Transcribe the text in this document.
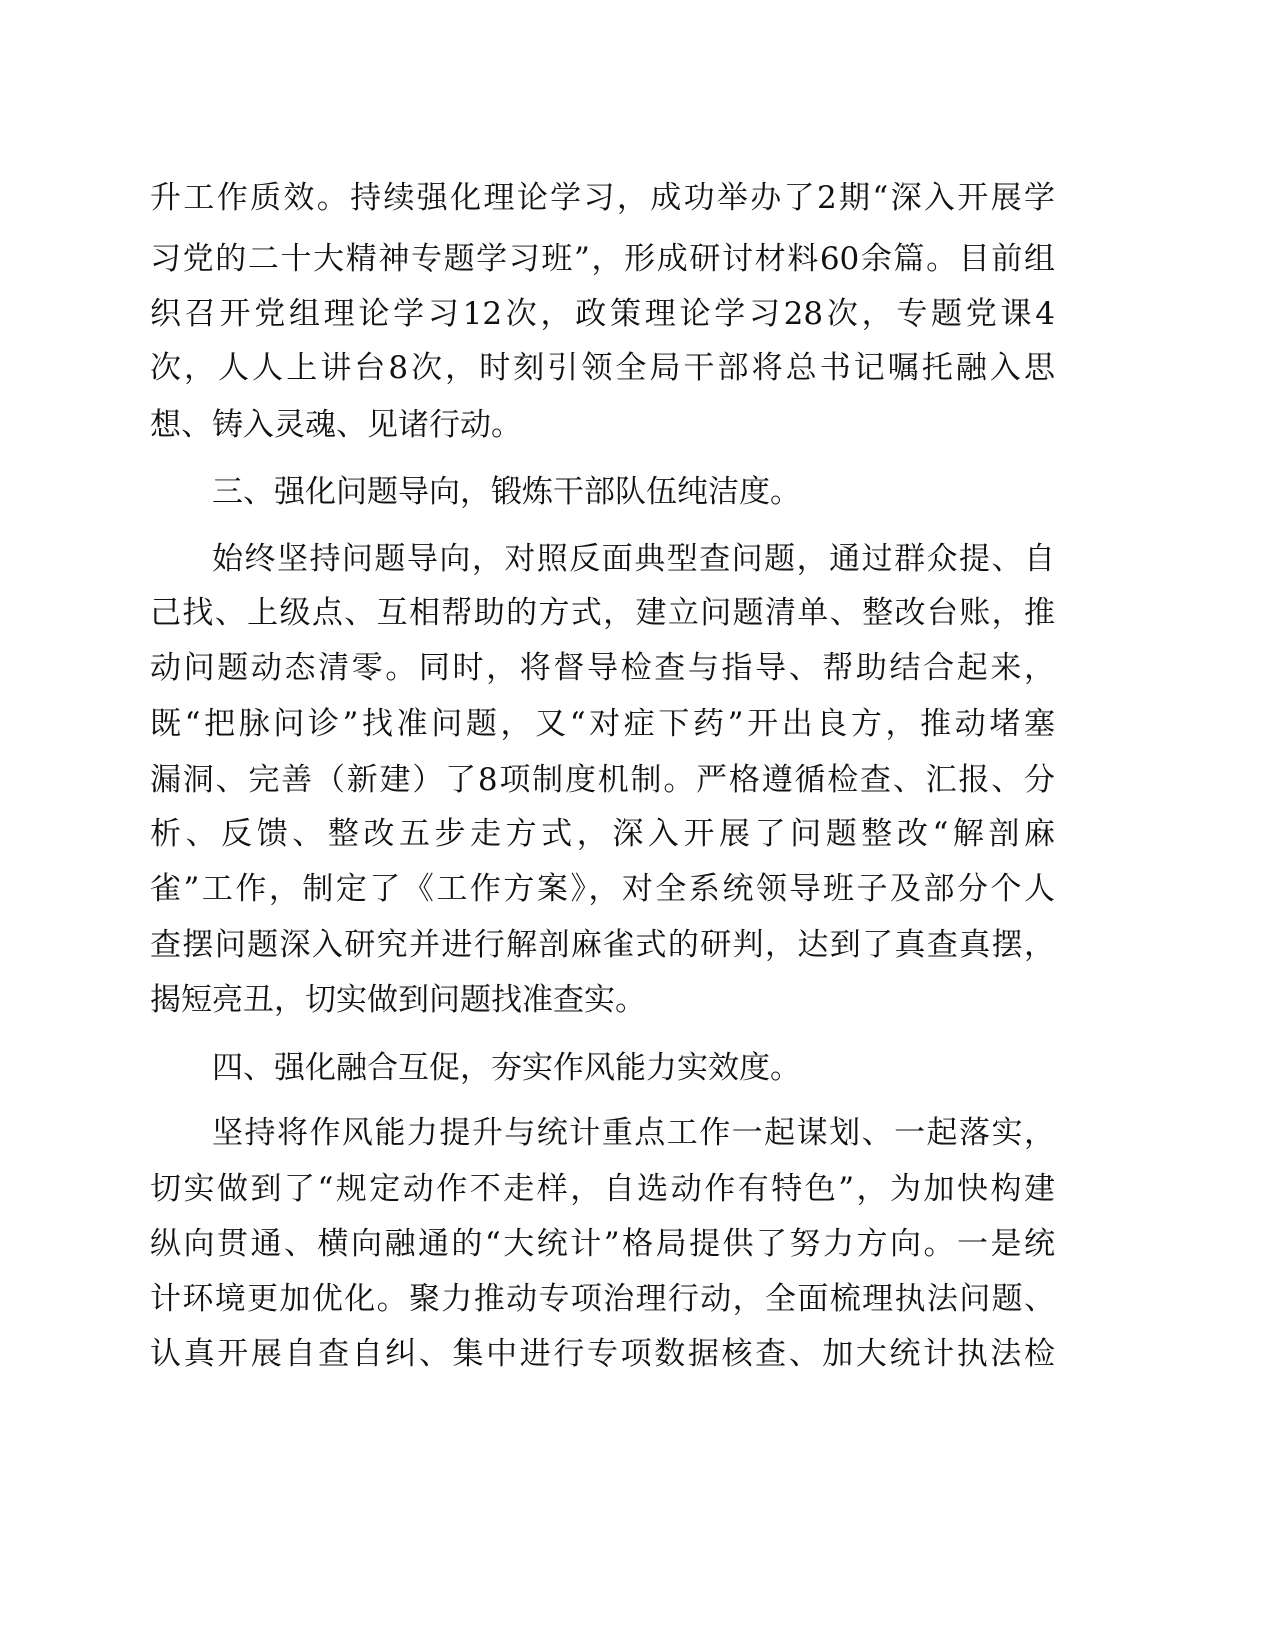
升工作质效。持续强化理论学习，成功举办了2期“深入开展学
习党的二十大精神专题学习班”，形成研讨材料60余篇。目前组
织召开党组理论学习12次，政策理论学习28次，专题党课4
次，人人上讲台8次，时刻引领全局干部将总书记嘱托融入思
想、铸入灵魂、见诸行动。
三、强化问题导向，锻炼干部队伍纯洁度。
始终坚持问题导向，对照反面典型查问题，通过群众提、自
己找、上级点、互相帮助的方式，建立问题清单、整改台账，推
动问题动态清零。同时，将督导检查与指导、帮助结合起来，
既“把脉问诊”找准问题，又“对症下药”开出良方，推动堵塞
漏洞、完善（新建）了8项制度机制。严格遵循检查、汇报、分
析、反馈、整改五步走方式，深入开展了问题整改“解剖麻
雀”工作，制定了《工作方案》，对全系统领导班子及部分个人
查摆问题深入研究并进行解剖麻雀式的研判，达到了真查真摆，
揭短亮丑，切实做到问题找准查实。
四、强化融合互促，夯实作风能力实效度。
坚持将作风能力提升与统计重点工作一起谋划、一起落实，
切实做到了“规定动作不走样，自选动作有特色”，为加快构建
纵向贯通、横向融通的“大统计”格局提供了努力方向。一是统
计环境更加优化。聚力推动专项治理行动，全面梳理执法问题、
认真开展自查自纠、集中进行专项数据核查、加大统计执法检
